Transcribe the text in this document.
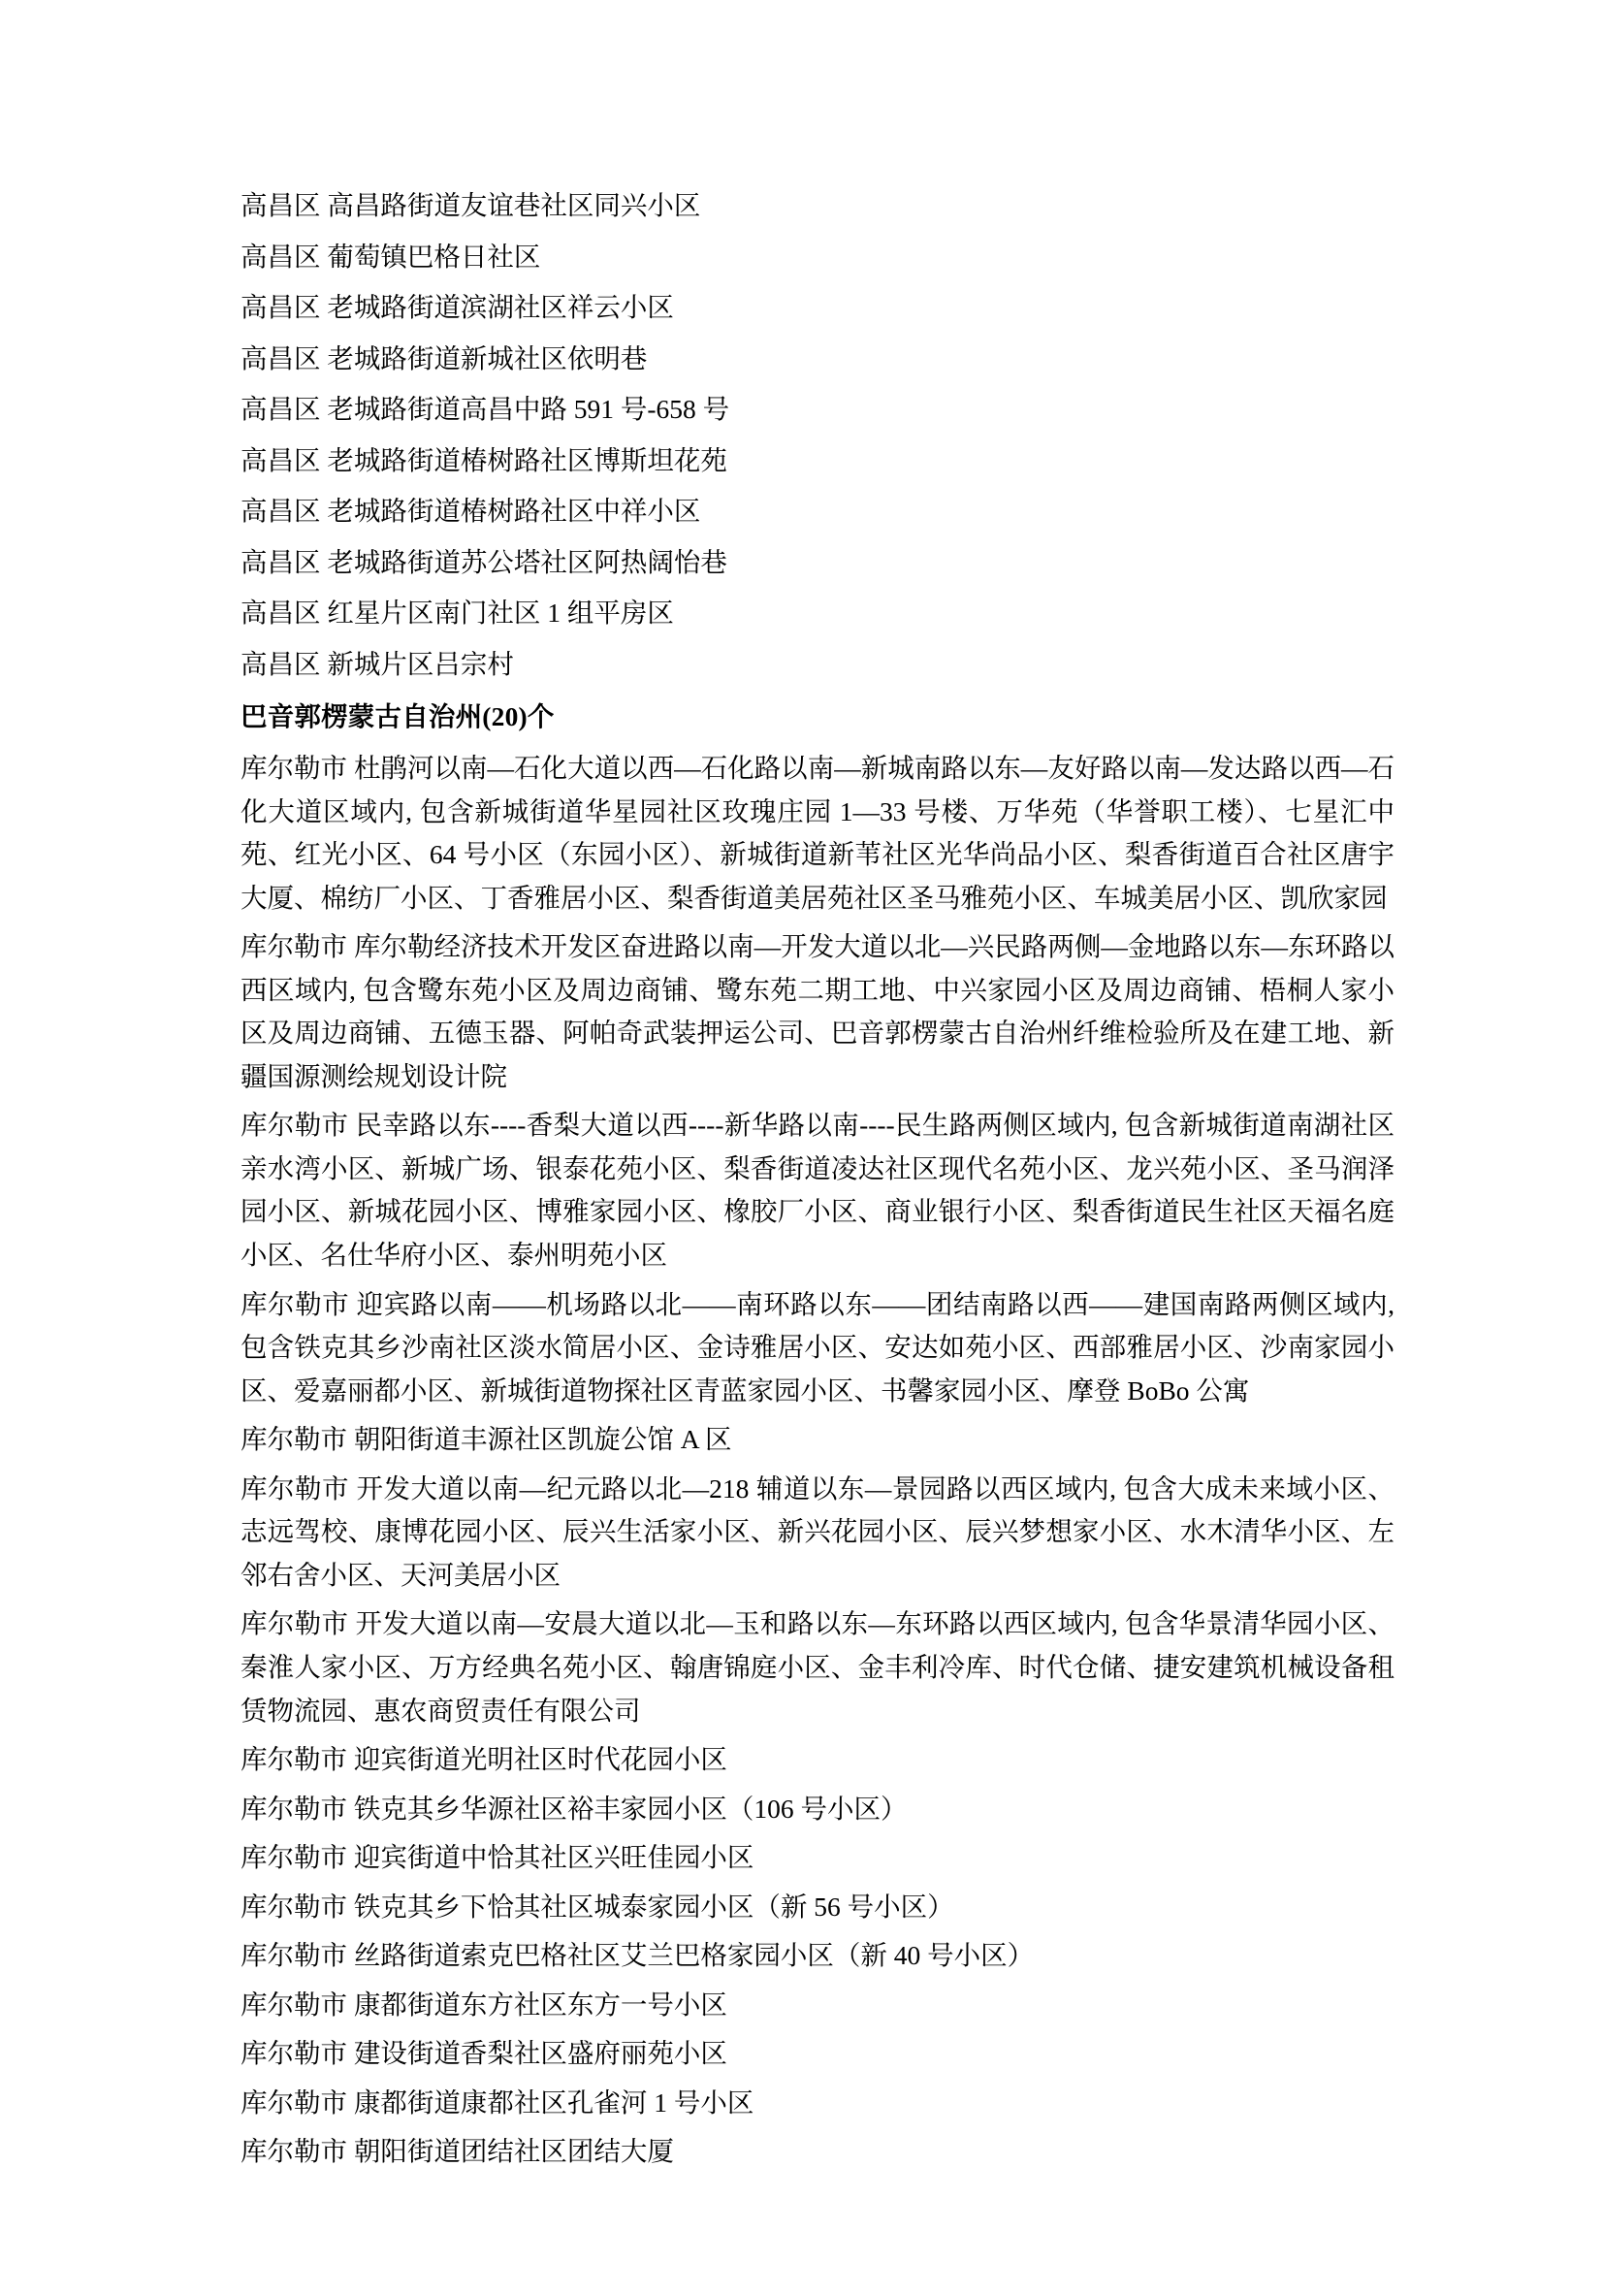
高昌区 高昌路街道友谊巷社区同兴小区

高昌区 葡萄镇巴格日社区

高昌区 老城路街道滨湖社区祥云小区

高昌区 老城路街道新城社区依明巷

高昌区 老城路街道高昌中路 591 号-658 号

高昌区 老城路街道椿树路社区博斯坦花苑

高昌区 老城路街道椿树路社区中祥小区

高昌区 老城路街道苏公塔社区阿热阔怡巷

高昌区 红星片区南门社区 1 组平房区

高昌区 新城片区吕宗村

巴音郭楞蒙古自治州(20)个

库尔勒市 杜鹃河以南—石化大道以西—石化路以南—新城南路以东—友好路以南—发达路以西—石化大道区域内, 包含新城街道华星园社区玫瑰庄园 1—33 号楼、万华苑（华誉职工楼）、七星汇中苑、红光小区、64 号小区（东园小区）、新城街道新苇社区光华尚品小区、梨香街道百合社区唐宇大厦、棉纺厂小区、丁香雅居小区、梨香街道美居苑社区圣马雅苑小区、车城美居小区、凯欣家园

库尔勒市 库尔勒经济技术开发区奋进路以南—开发大道以北—兴民路两侧—金地路以东—东环路以西区域内, 包含鹭东苑小区及周边商铺、鹭东苑二期工地、中兴家园小区及周边商铺、梧桐人家小区及周边商铺、五德玉器、阿帕奇武装押运公司、巴音郭楞蒙古自治州纤维检验所及在建工地、新疆国源测绘规划设计院

库尔勒市 民幸路以东----香梨大道以西----新华路以南----民生路两侧区域内, 包含新城街道南湖社区亲水湾小区、新城广场、银泰花苑小区、梨香街道凌达社区现代名苑小区、龙兴苑小区、圣马润泽园小区、新城花园小区、博雅家园小区、橡胶厂小区、商业银行小区、梨香街道民生社区天福名庭小区、名仕华府小区、泰州明苑小区

库尔勒市 迎宾路以南——机场路以北——南环路以东——团结南路以西——建国南路两侧区域内, 包含铁克其乡沙南社区淡水简居小区、金诗雅居小区、安达如苑小区、西部雅居小区、沙南家园小区、爱嘉丽都小区、新城街道物探社区青蓝家园小区、书馨家园小区、摩登 BoBo 公寓

库尔勒市 朝阳街道丰源社区凯旋公馆 A 区

库尔勒市 开发大道以南—纪元路以北—218 辅道以东—景园路以西区域内, 包含大成未来域小区、志远驾校、康博花园小区、辰兴生活家小区、新兴花园小区、辰兴梦想家小区、水木清华小区、左邻右舍小区、天河美居小区

库尔勒市 开发大道以南—安晨大道以北—玉和路以东—东环路以西区域内, 包含华景清华园小区、秦淮人家小区、万方经典名苑小区、翰唐锦庭小区、金丰利冷库、时代仓储、捷安建筑机械设备租赁物流园、惠农商贸责任有限公司

库尔勒市 迎宾街道光明社区时代花园小区

库尔勒市 铁克其乡华源社区裕丰家园小区（106 号小区）

库尔勒市 迎宾街道中恰其社区兴旺佳园小区

库尔勒市 铁克其乡下恰其社区城泰家园小区（新 56 号小区）

库尔勒市 丝路街道索克巴格社区艾兰巴格家园小区（新 40 号小区）

库尔勒市 康都街道东方社区东方一号小区

库尔勒市 建设街道香梨社区盛府丽苑小区

库尔勒市 康都街道康都社区孔雀河 1 号小区

库尔勒市 朝阳街道团结社区团结大厦
